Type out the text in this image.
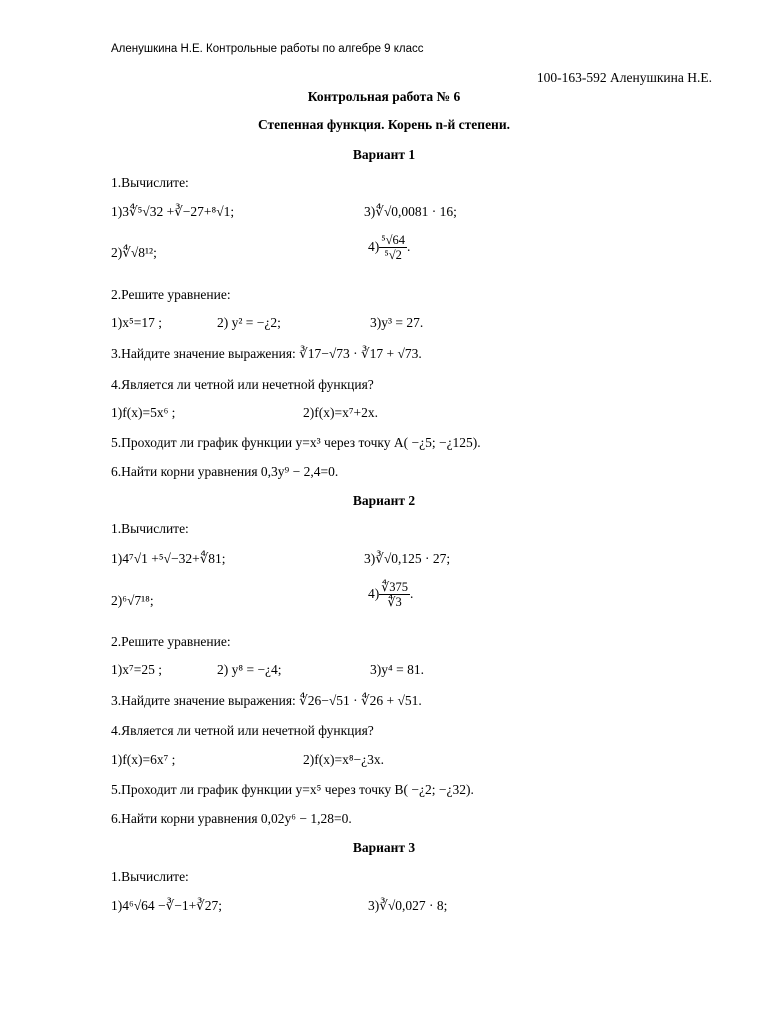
Аленушкина Н.Е. Контрольные работы по алгебре 9 класс
100-163-592 Аленушкина Н.Е.
Контрольная работа № 6
Степенная функция. Корень n-й степени.
Вариант 1
1.Вычислите:
1)3∜⁵√32 +∛−27+⁸√1;	3)∜√0,0081 · 16;
2)∜√8¹²;	$4) \frac{\text{⁵√64}}{\text{⁵√2}}$ .
2.Решите уравнение:
1)x⁵=17 ;	2) y² = −¿2;	3)y³ = 27.
3.Найдите значение выражения: ∛17−√73 · ∛17 + √73.
4.Является ли четной или нечетной функция?
1)f(x)=5x⁶ ;	2)f(x)=x⁷+2x.
5.Проходит ли график функции y=x³ через точку A( −¿5; −¿125).
6.Найти корни уравнения 0,3y⁹ − 2,4=0.
Вариант 2
1.Вычислите:
1)4⁷√1 +⁵√−32+∜81;	3)∛√0,125 · 27;
2)⁶√7¹⁸;	$4) \frac{∜375}{∜3}$ .
2.Решите уравнение:
1)x⁷=25 ;	2) y⁸ = −¿4;	3)y⁴ = 81.
3.Найдите значение выражения: ∜26−√51 · ∜26 + √51.
4.Является ли четной или нечетной функция?
1)f(x)=6x⁷ ;	2)f(x)=x⁸−¿3x.
5.Проходит ли график функции y=x⁵ через точку B( −¿2; −¿32).
6.Найти корни уравнения 0,02y⁶ − 1,28=0.
Вариант 3
1.Вычислите:
1)4⁶√64 −∛−1+∛27;	3)∛√0,027 · 8;
